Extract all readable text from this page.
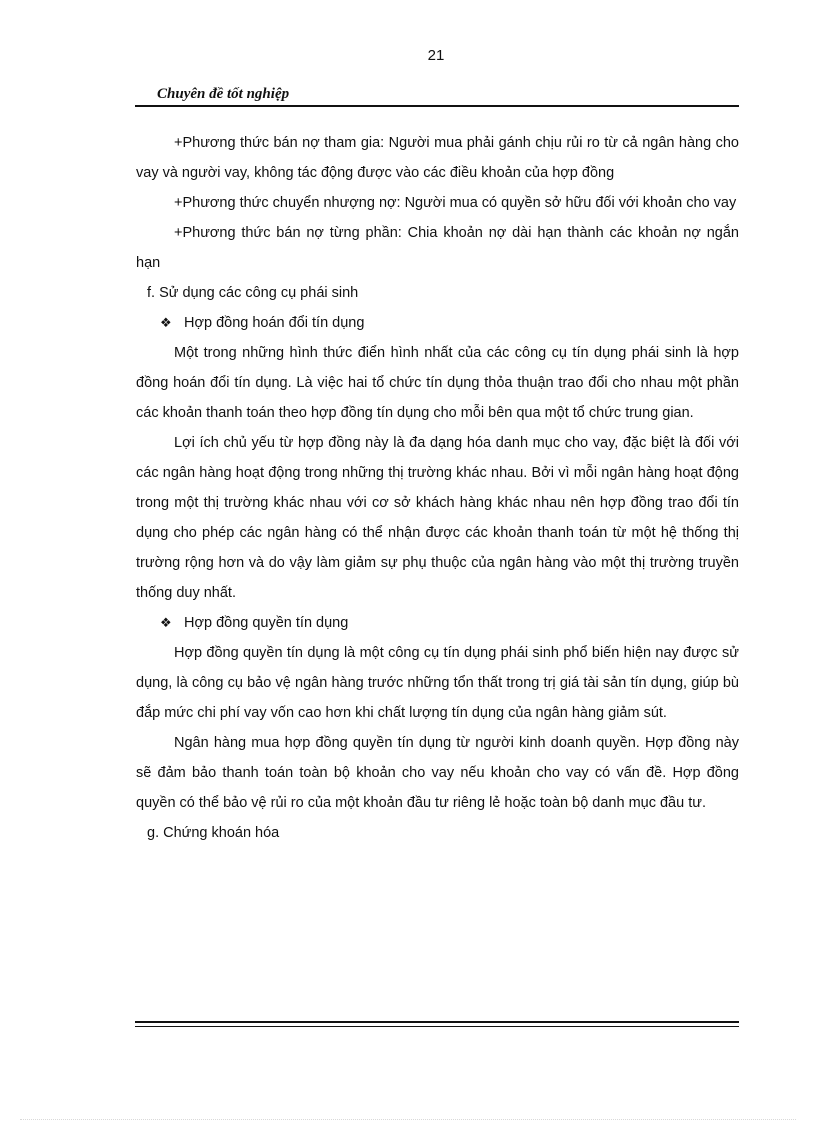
21
Chuyên đề tốt nghiệp

+Phương thức bán nợ tham gia: Người mua phải gánh chịu rủi ro từ cả ngân hàng cho vay và người vay, không tác động được vào các điều khoản của hợp đồng

+Phương thức chuyển nhượng nợ: Người mua có quyền sở hữu đối với khoản cho vay

+Phương thức bán nợ từng phần: Chia khoản nợ dài hạn thành các khoản nợ ngắn hạn

f. Sử dụng các công cụ phái sinh

❖ Hợp đồng hoán đổi tín dụng

Một trong những hình thức điển hình nhất của các công cụ tín dụng phái sinh là hợp đồng hoán đổi tín dụng. Là việc hai tổ chức tín dụng thỏa thuận trao đổi cho nhau một phần các khoản thanh toán theo hợp đồng tín dụng cho mỗi bên qua một tổ chức trung gian.

Lợi ích chủ yếu từ hợp đồng này là đa dạng hóa danh mục cho vay, đặc biệt là đối với các ngân hàng hoạt động trong những thị trường khác nhau. Bởi vì mỗi ngân hàng hoạt động trong một thị trường khác nhau với cơ sở khách hàng khác nhau nên hợp đồng trao đổi tín dụng cho phép các ngân hàng có thể nhận được các khoản thanh toán từ một hệ thống thị trường rộng hơn và do vậy làm giảm sự phụ thuộc của ngân hàng vào một thị trường truyền thống duy nhất.

❖ Hợp đồng quyền tín dụng

Hợp đồng quyền tín dụng là một công cụ tín dụng phái sinh phổ biến hiện nay được sử dụng, là công cụ bảo vệ ngân hàng trước những tổn thất trong trị giá tài sản tín dụng, giúp bù đắp mức chi phí vay vốn cao hơn khi chất lượng tín dụng của ngân hàng giảm sút.

Ngân hàng mua hợp đồng quyền tín dụng từ người kinh doanh quyền. Hợp đồng này sẽ đảm bảo thanh toán toàn bộ khoản cho vay nếu khoản cho vay có vấn đề. Hợp đồng quyền có thể bảo vệ rủi ro của một khoản đầu tư riêng lẻ hoặc toàn bộ danh mục đầu tư.

g. Chứng khoán hóa
